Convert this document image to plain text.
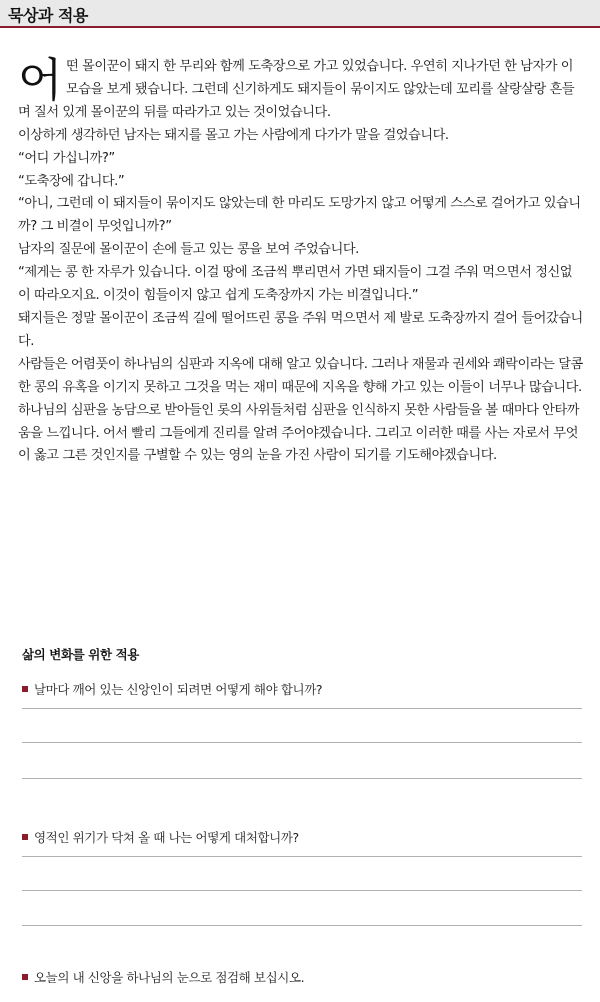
묵상과 적용

어떤 몰이꾼이 돼지 한 무리와 함께 도축장으로 가고 있었습니다. 우연히 지나가던 한 남자가 이 모습을 보게 됐습니다. 그런데 신기하게도 돼지들이 묶이지도 않았는데 꼬리를 살랑살랑 흔들며 질서 있게 몰이꾼의 뒤를 따라가고 있는 것이었습니다.

이상하게 생각하던 남자는 돼지를 몰고 가는 사람에게 다가가 말을 걸었습니다.

“어디 가십니까?”

“도축장에 갑니다.”

“아니, 그런데 이 돼지들이 묶이지도 않았는데 한 마리도 도망가지 않고 어떻게 스스로 걸어가고 있습니까? 그 비결이 무엇입니까?”

남자의 질문에 몰이꾼이 손에 들고 있는 콩을 보여 주었습니다.

“제게는 콩 한 자루가 있습니다. 이걸 땅에 조금씩 뿌리면서 가면 돼지들이 그걸 주워 먹으면서 정신없이 따라오지요. 이것이 힘들이지 않고 쉽게 도축장까지 가는 비결입니다.”

돼지들은 정말 몰이꾼이 조금씩 길에 떨어뜨린 콩을 주워 먹으면서 제 발로 도축장까지 걸어 들어갔습니다.

사람들은 어렴풋이 하나님의 심판과 지옥에 대해 알고 있습니다. 그러나 재물과 권세와 쾌락이라는 달콤한 콩의 유혹을 이기지 못하고 그것을 먹는 재미 때문에 지옥을 향해 가고 있는 이들이 너무나 많습니다. 하나님의 심판을 농담으로 받아들인 롯의 사위들처럼 심판을 인식하지 못한 사람들을 볼 때마다 안타까움을 느낍니다. 어서 빨리 그들에게 진리를 알려 주어야겠습니다. 그리고 이러한 때를 사는 자로서 무엇이 옳고 그른 것인지를 구별할 수 있는 영의 눈을 가진 사람이 되기를 기도해야겠습니다.

삶의 변화를 위한 적용
날마다 깨어 있는 신앙인이 되려면 어떻게 해야 합니까?
영적인 위기가 닥쳐 올 때 나는 어떻게 대처합니까?
오늘의 내 신앙을 하나님의 눈으로 점검해 보십시오.
